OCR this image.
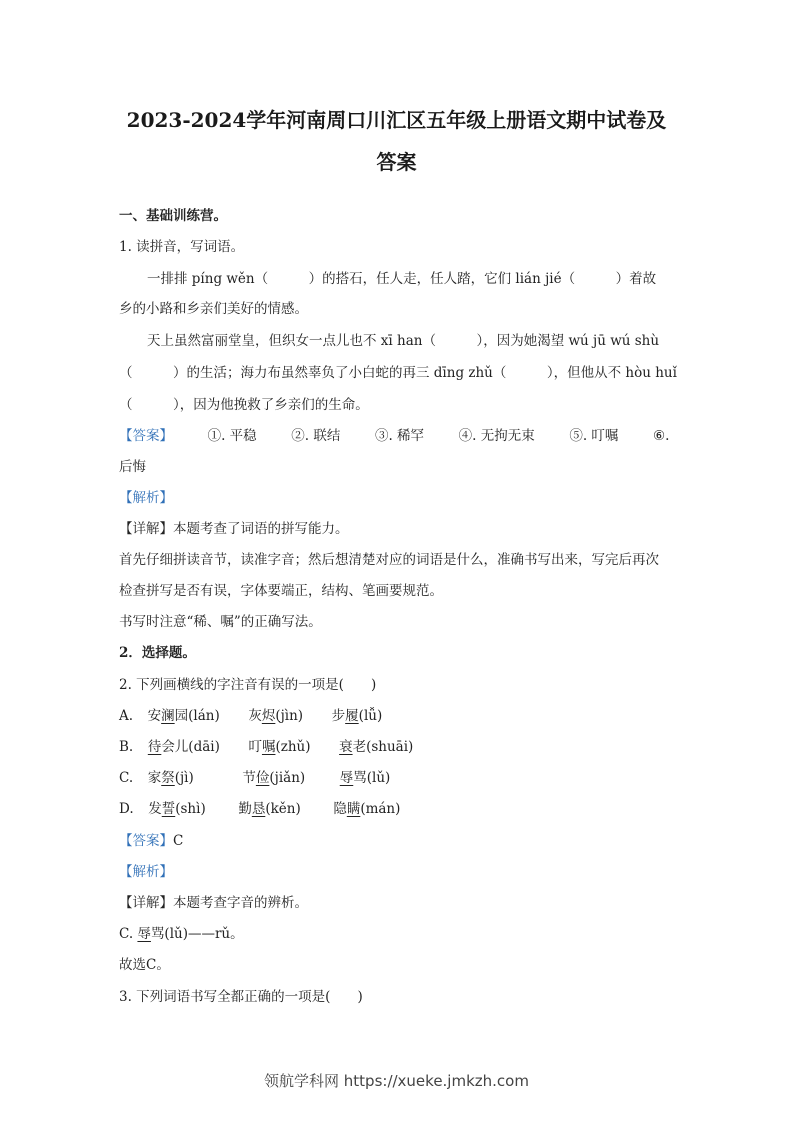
2023-2024学年河南周口川汇区五年级上册语文期中试卷及
答案
一、基础训练营。
1. 读拼音，写词语。
一排排 píng wěn（　　　）的搭石，任人走，任人踏，它们 lián jié（　　　）着故
乡的小路和乡亲们美好的情感。
天上虽然富丽堂皇，但织女一点儿也不 xī han（　　　），因为她渴望 wú jū wú shù
（　　　）的生活；海力布虽然辜负了小白蛇的再三 dīng zhǔ（　　　），但他从不 hòu huǐ
（　　　），因为他挽救了乡亲们的生命。
【答案】	①. 平稳	②. 联结	③. 稀罕	④. 无拘无束	⑤. 叮嘱	⑥.
后悔
【解析】
【详解】本题考查了词语的拼写能力。
首先仔细拼读音节，读准字音；然后想清楚对应的词语是什么，准确书写出来，写完后再次
检查拼写是否有误，字体要端正，结构、笔画要规范。
书写时注意“稀、嘱”的正确写法。
2．选择题。
2. 下列画横线的字注音有误的一项是(　　)
A. 安澜园(lán) 灰烬(jìn) 步履(lǚ)
B. 待会儿(dāi) 叮嘱(zhǔ) 衰老(shuāi)
C. 家祭(jì)	节俭(jiǎn)	辱骂(lǔ)
D. 发誓(shì) 勤恳(kěn) 隐瞒(mán)
【答案】C
【解析】
【详解】本题考查字音的辨析。
C. 辱骂(lǔ)——rǔ。
故选C。
3. 下列词语书写全都正确的一项是(　　)
领航学科网 https://xueke.jmkzh.com
